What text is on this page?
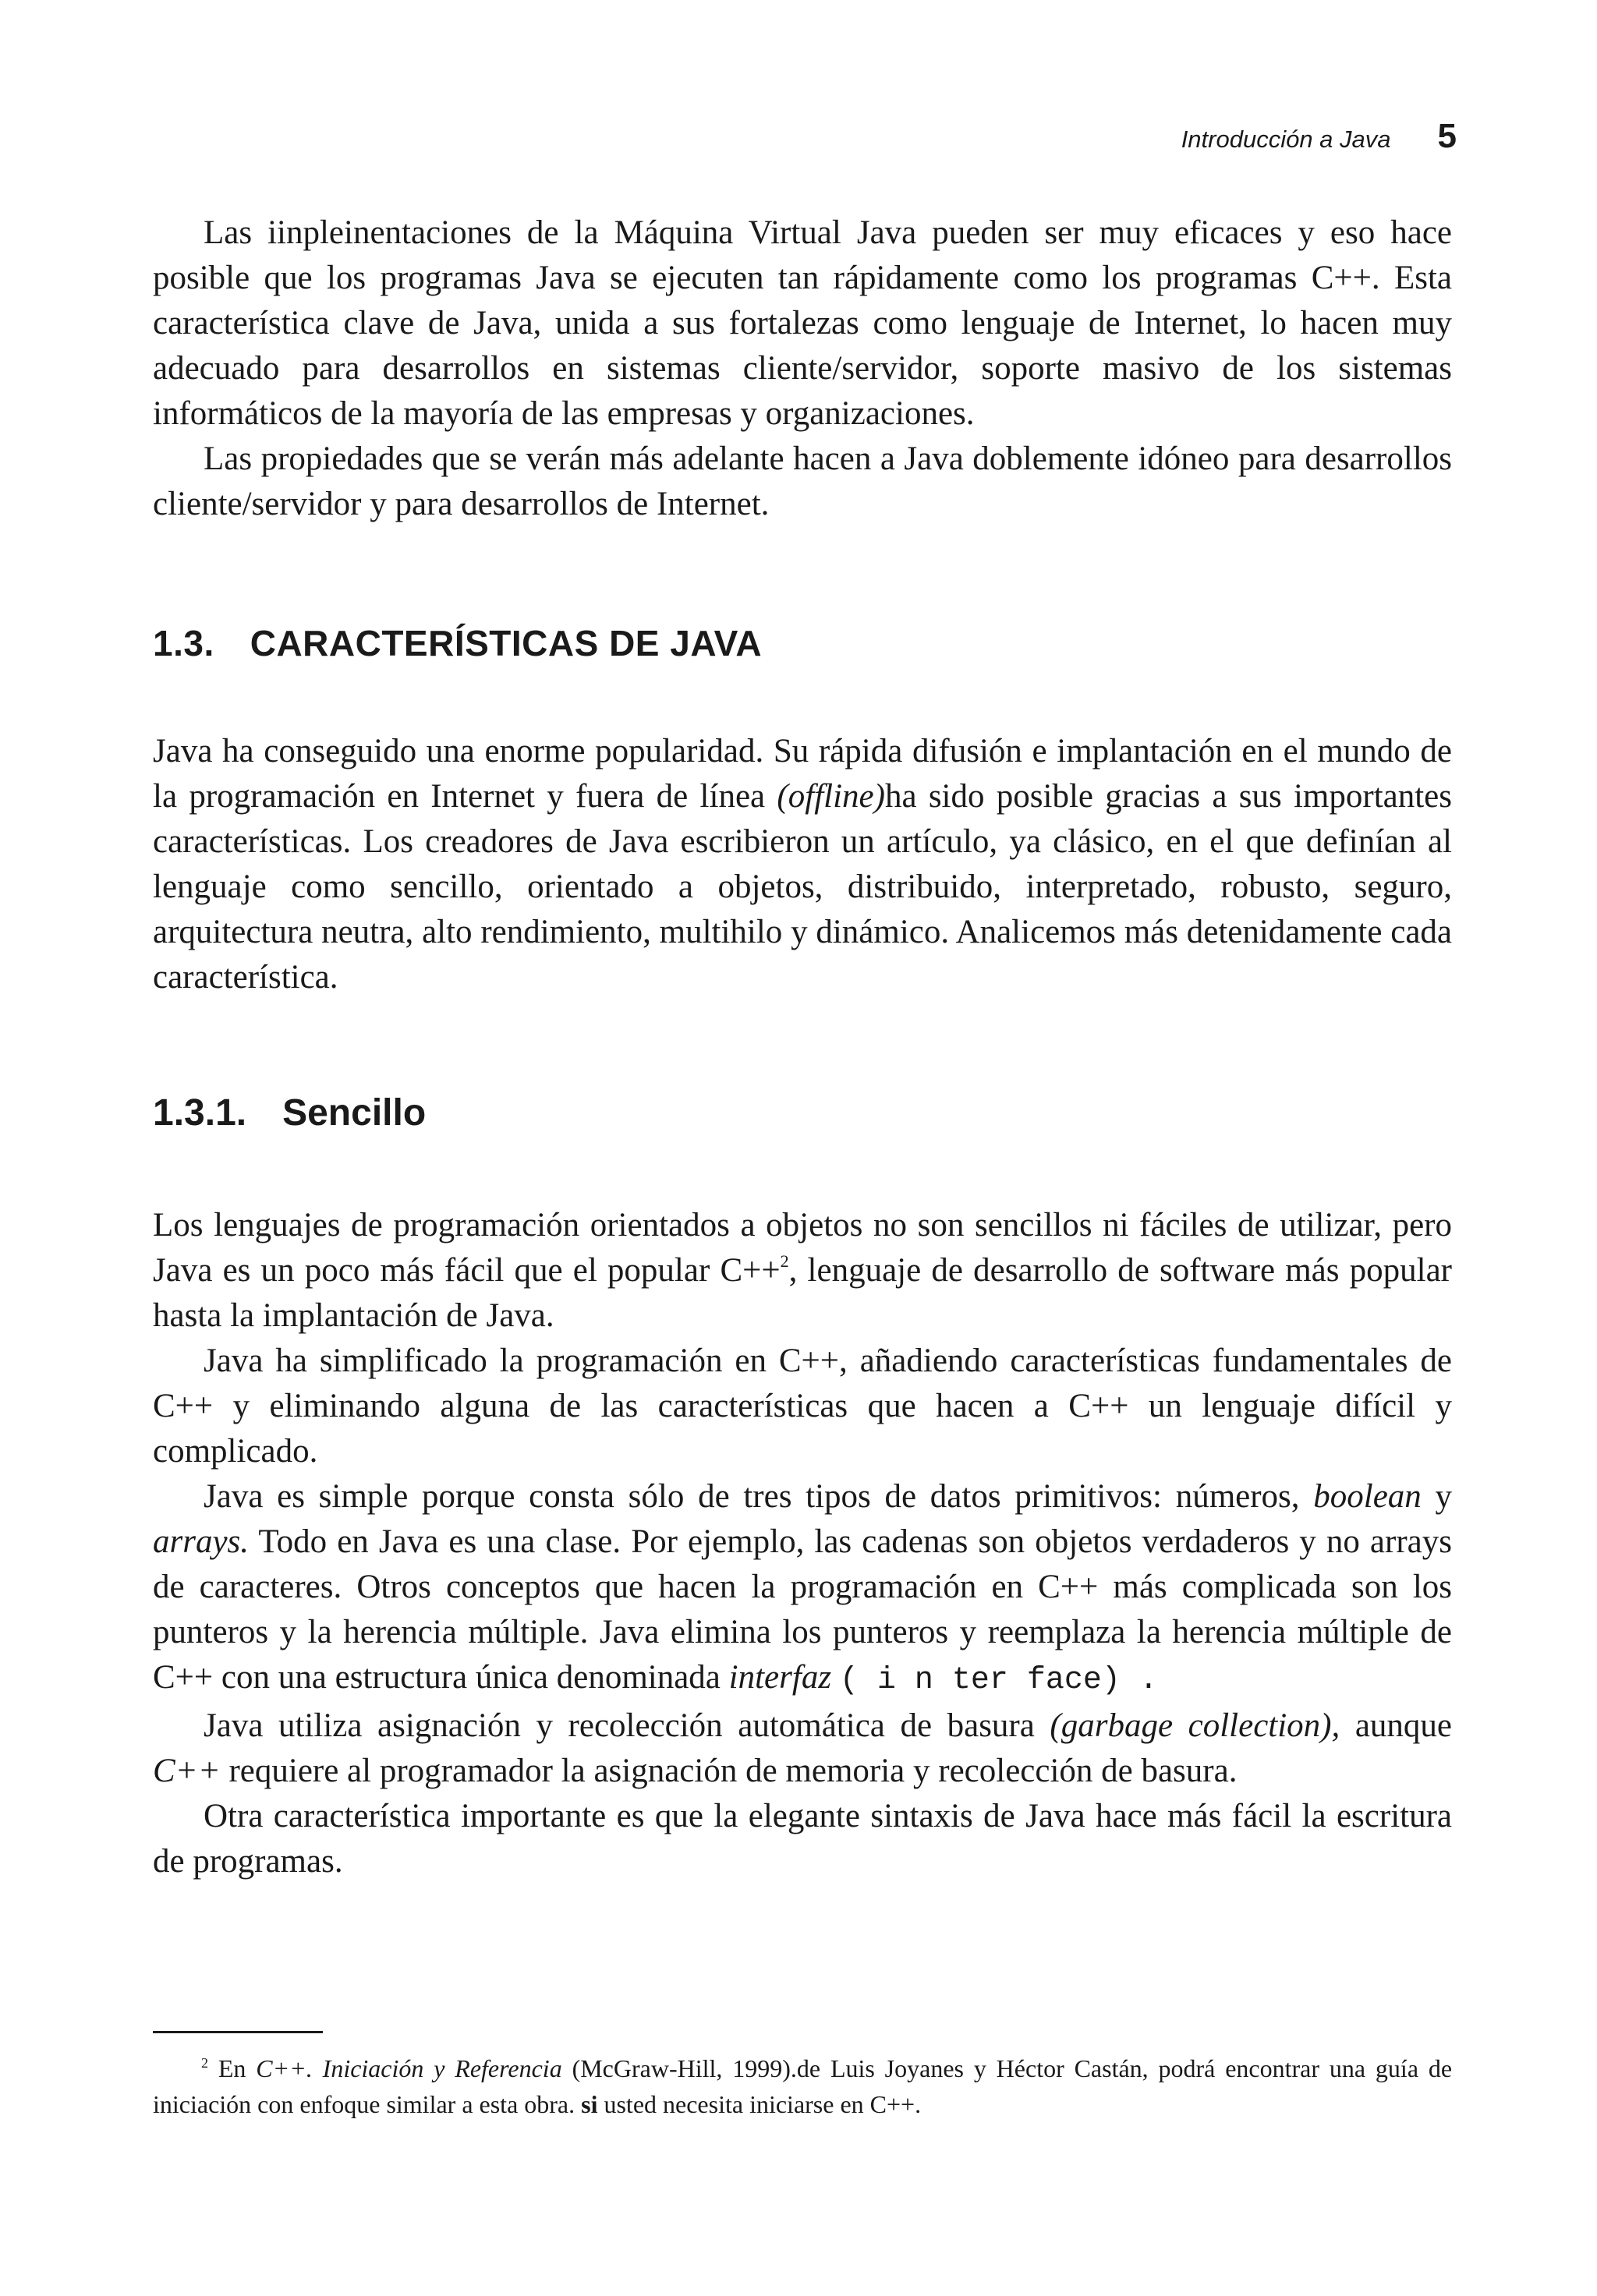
Introducción a Java 5

Las iinpleinentaciones de la Máquina Virtual Java pueden ser muy eficaces y eso hace posible que los programas Java se ejecuten tan rápidamente como los programas C++. Esta característica clave de Java, unida a sus fortalezas como lenguaje de Internet, lo hacen muy adecuado para desarrollos en sistemas cliente/servidor, soporte masivo de los sistemas informáticos de la mayoría de las empresas y organizaciones.

Las propiedades que se verán más adelante hacen a Java doblemente idóneo para desarrollos cliente/servidor y para desarrollos de Internet.

1.3. CARACTERÍSTICAS DE JAVA

Java ha conseguido una enorme popularidad. Su rápida difusión e implantación en el mundo de la programación en Internet y fuera de línea (offline)ha sido posible gracias a sus importantes características. Los creadores de Java escribieron un artículo, ya clásico, en el que definían al lenguaje como sencillo, orientado a objetos, distribuido, interpretado, robusto, seguro, arquitectura neutra, alto rendimiento, multihilo y dinámico. Analicemos más detenidamente cada característica.

1.3.1. Sencillo

Los lenguajes de programación orientados a objetos no son sencillos ni fáciles de utilizar, pero Java es un poco más fácil que el popular C++$^2$, lenguaje de desarrollo de software más popular hasta la implantación de Java.

Java ha simplificado la programación en C++, añadiendo características fundamentales de C++ y eliminando alguna de las características que hacen a C++ un lenguaje difícil y complicado.

Java es simple porque consta sólo de tres tipos de datos primitivos: números, boolean y arrays. Todo en Java es una clase. Por ejemplo, las cadenas son objetos verdaderos y no arrays de caracteres. Otros conceptos que hacen la programación en C++ más complicada son los punteros y la herencia múltiple. Java elimina los punteros y reemplaza la herencia múltiple de C++ con una estructura única denominada interfaz ( i n ter face) .

Java utiliza asignación y recolección automática de basura (garbage collection), aunque C++ requiere al programador la asignación de memoria y recolección de basura.

Otra característica importante es que la elegante sintaxis de Java hace más fácil la escritura de programas.

$^2$ En C++. Iniciación y Referencia (McGraw-Hill, 1999).de Luis Joyanes y Héctor Castán, podrá encontrar una guía de iniciación con enfoque similar a esta obra. si usted necesita iniciarse en C++.
